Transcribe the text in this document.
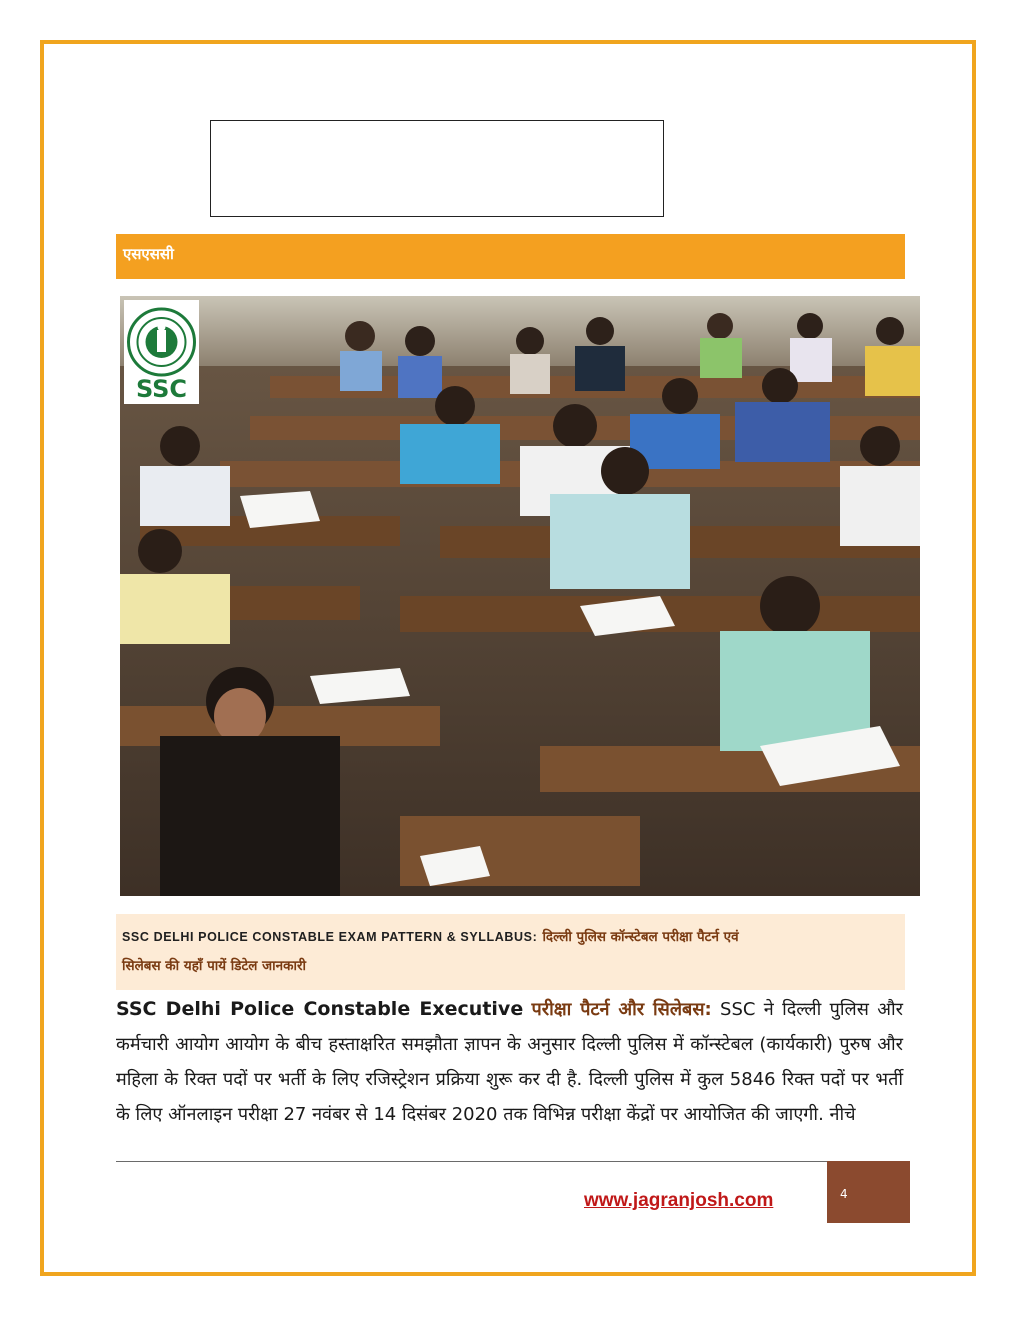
एसएससी
SSC
SSC DELHI POLICE CONSTABLE EXAM PATTERN & SYLLABUS: दिल्ली पुलिस कॉन्स्टेबल परीक्षा पैटर्न एवं
सिलेबस की यहाँ पायें डिटेल जानकारी
SSC Delhi Police Constable Executive परीक्षा पैटर्न और सिलेबस: SSC ने दिल्ली पुलिस और कर्मचारी आयोग आयोग के बीच हस्ताक्षरित समझौता ज्ञापन के अनुसार दिल्ली पुलिस में कॉन्स्टेबल (कार्यकारी) पुरुष और महिला के रिक्त पदों पर भर्ती के लिए रजिस्ट्रेशन प्रक्रिया शुरू कर दी है. दिल्ली पुलिस में कुल 5846 रिक्त पदों पर भर्ती के लिए ऑनलाइन परीक्षा 27 नवंबर से 14 दिसंबर 2020 तक विभिन्न परीक्षा केंद्रों पर आयोजित की जाएगी. नीचे
www.jagranjosh.com	4
